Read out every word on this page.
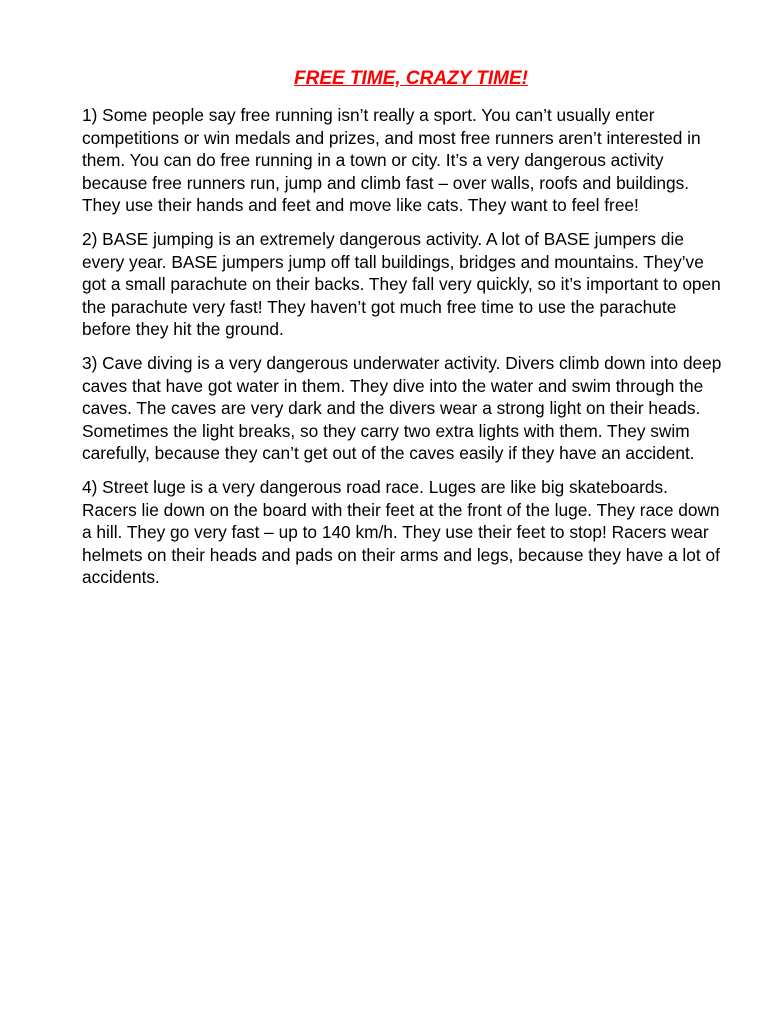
FREE TIME, CRAZY TIME!

1) Some people say free running isn’t really a sport. You can’t usually enter competitions or win medals and prizes, and most free runners aren’t interested in them. You can do free running in a town or city. It’s a very dangerous activity because free runners run, jump and climb fast – over walls, roofs and buildings. They use their hands and feet and move like cats. They want to feel free!

2) BASE jumping is an extremely dangerous activity. A lot of BASE jumpers die every year. BASE jumpers jump off tall buildings, bridges and mountains. They’ve got a small parachute on their backs. They fall very quickly, so it’s important to open the parachute very fast! They haven’t got much free time to use the parachute before they hit the ground.

3) Cave diving is a very dangerous underwater activity. Divers climb down into deep caves that have got water in them. They dive into the water and swim through the caves. The caves are very dark and the divers wear a strong light on their heads. Sometimes the light breaks, so they carry two extra lights with them. They swim carefully, because they can’t get out of the caves easily if they have an accident.

4) Street luge is a very dangerous road race. Luges are like big skateboards. Racers lie down on the board with their feet at the front of the luge. They race down a hill. They go very fast – up to 140 km/h. They use their feet to stop! Racers wear helmets on their heads and pads on their arms and legs, because they have a lot of accidents.
